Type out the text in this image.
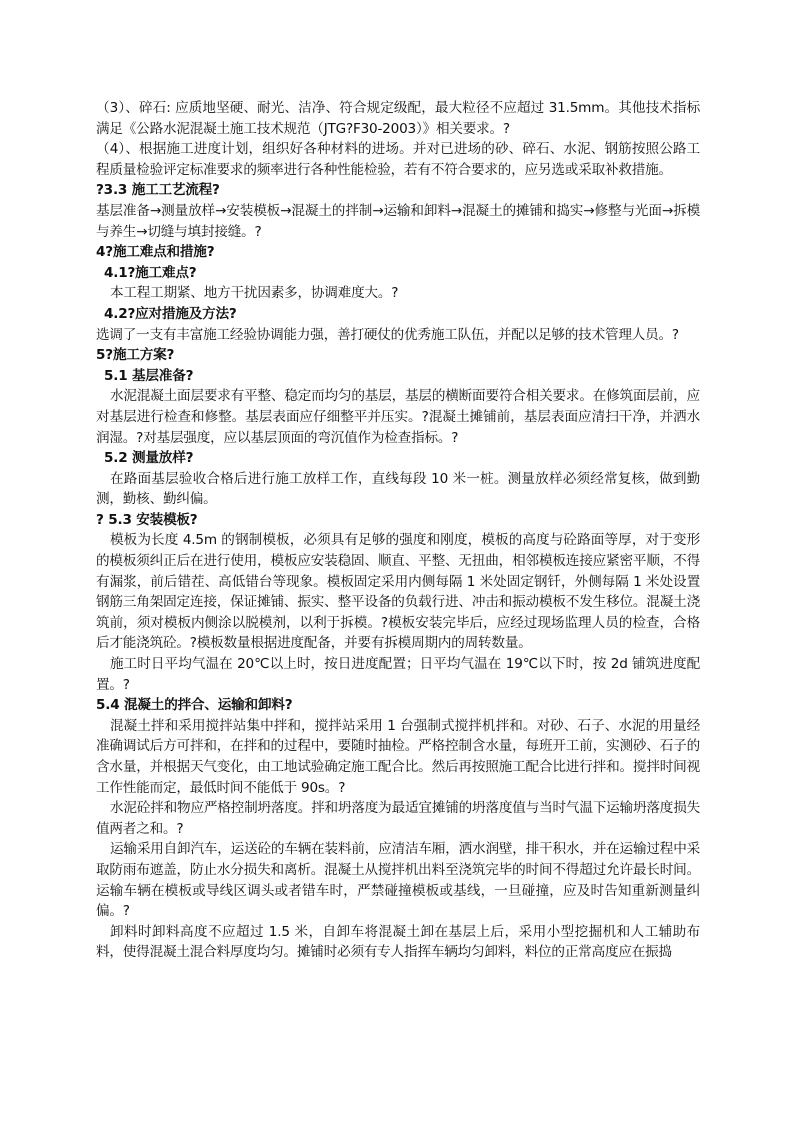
（3）、碎石: 应质地坚硬、耐光、洁净、符合规定级配，最大粒径不应超过 31.5mm。其他技术指标满足《公路水泥混凝土施工技术规范（JTG?F30-2003）》相关要求。?

（4）、根据施工进度计划，组织好各种材料的进场。并对已进场的砂、碎石、水泥、钢筋按照公路工程质量检验评定标准要求的频率进行各种性能检验，若有不符合要求的，应另选或采取补救措施。

?3.3 施工工艺流程?

基层准备→测量放样→安装模板→混凝土的拌制→运输和卸料→混凝土的摊铺和捣实→修整与光面→拆模与养生→切缝与填封接缝。?

4?施工难点和措施?

4.1?施工难点?

本工程工期紧、地方干扰因素多，协调难度大。?

4.2?应对措施及方法?

选调了一支有丰富施工经验协调能力强，善打硬仗的优秀施工队伍，并配以足够的技术管理人员。?

5?施工方案?

5.1 基层准备?

水泥混凝土面层要求有平整、稳定而均匀的基层，基层的横断面要符合相关要求。在修筑面层前，应对基层进行检查和修整。基层表面应仔细整平并压实。?混凝土摊铺前，基层表面应清扫干净，并洒水润湿。?对基层强度，应以基层顶面的弯沉值作为检查指标。?

5.2 测量放样?

在路面基层验收合格后进行施工放样工作，直线每段 10 米一桩。测量放样必须经常复核，做到勤测，勤核、勤纠偏。

? 5.3 安装模板?

模板为长度 4.5m 的钢制模板，必须具有足够的强度和刚度，模板的高度与砼路面等厚，对于变形的模板须纠正后在进行使用，模板应安装稳固、顺直、平整、无扭曲，相邻模板连接应紧密平顺，不得有漏浆，前后错茬、高低错台等现象。模板固定采用内侧每隔 1 米处固定钢钎，外侧每隔 1 米处设置钢筋三角架固定连接，保证摊铺、振实、整平设备的负载行进、冲击和振动模板不发生移位。混凝土浇筑前，须对模板内侧涂以脱模剂，以利于拆模。?模板安装完毕后，应经过现场监理人员的检查，合格后才能浇筑砼。?模板数量根据进度配备，并要有拆模周期内的周转数量。

施工时日平均气温在 20℃以上时，按日进度配置；日平均气温在 19℃以下时，按 2d 铺筑进度配置。?

5.4 混凝土的拌合、运输和卸料?

混凝土拌和采用搅拌站集中拌和，搅拌站采用 1 台强制式搅拌机拌和。对砂、石子、水泥的用量经准确调试后方可拌和，在拌和的过程中，要随时抽检。严格控制含水量，每班开工前，实测砂、石子的含水量，并根据天气变化，由工地试验确定施工配合比。然后再按照施工配合比进行拌和。搅拌时间视工作性能而定，最低时间不能低于 90s。?

水泥砼拌和物应严格控制坍落度。拌和坍落度为最适宜摊铺的坍落度值与当时气温下运输坍落度损失值两者之和。?

运输采用自卸汽车，运送砼的车辆在装料前，应清洁车厢，洒水润壁，排干积水，并在运输过程中采取防雨布遮盖，防止水分损失和离析。混凝土从搅拌机出料至浇筑完毕的时间不得超过允许最长时间。运输车辆在模板或导线区调头或者错车时，严禁碰撞模板或基线，一旦碰撞，应及时告知重新测量纠偏。?

卸料时卸料高度不应超过 1.5 米，自卸车将混凝土卸在基层上后，采用小型挖掘机和人工辅助布料，使得混凝土混合料厚度均匀。摊铺时必须有专人指挥车辆均匀卸料，料位的正常高度应在振捣
